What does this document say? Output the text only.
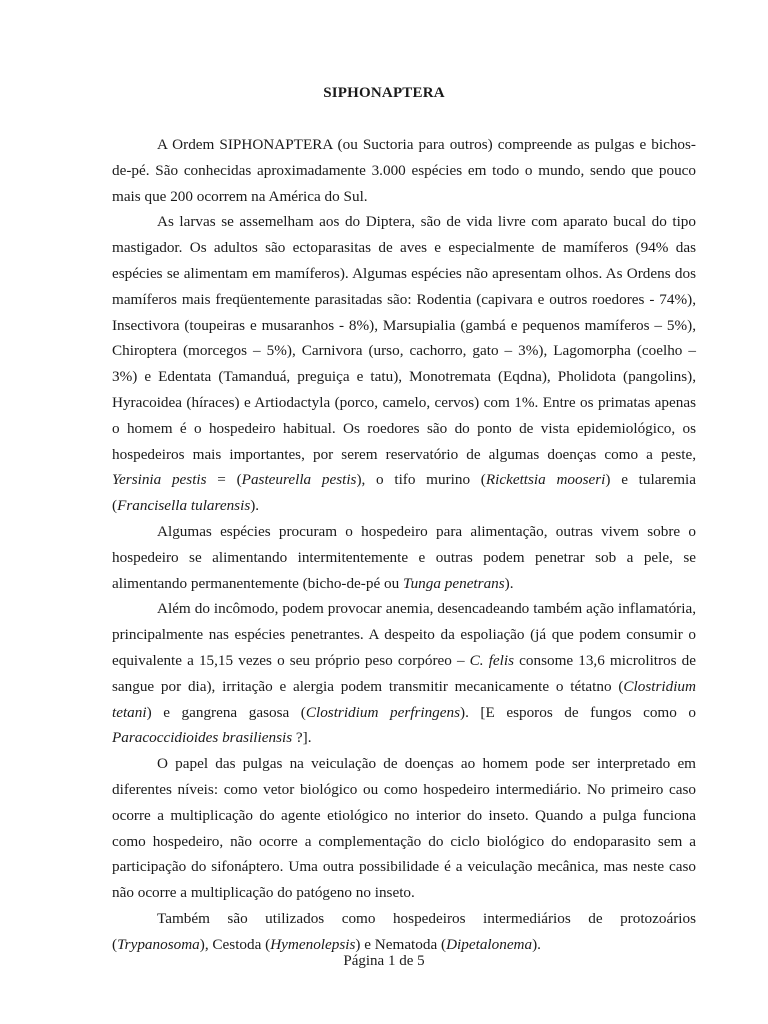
SIPHONAPTERA

A Ordem SIPHONAPTERA (ou Suctoria para outros) compreende as pulgas e bichos-de-pé. São conhecidas aproximadamente 3.000 espécies em todo o mundo, sendo que pouco mais que 200 ocorrem na América do Sul.

As larvas se assemelham aos do Diptera, são de vida livre com aparato bucal do tipo mastigador. Os adultos são ectoparasitas de aves e especialmente de mamíferos (94% das espécies se alimentam em mamíferos). Algumas espécies não apresentam olhos. As Ordens dos mamíferos mais freqüentemente parasitadas são: Rodentia (capivara e outros roedores - 74%), Insectivora (toupeiras e musaranhos - 8%), Marsupialia (gambá e pequenos mamíferos – 5%), Chiroptera (morcegos – 5%), Carnivora (urso, cachorro, gato – 3%), Lagomorpha (coelho – 3%) e Edentata (Tamanduá, preguiça e tatu), Monotremata (Eqdna), Pholidota (pangolins), Hyracoidea (híraces) e Artiodactyla (porco, camelo, cervos) com 1%. Entre os primatas apenas o homem é o hospedeiro habitual. Os roedores são do ponto de vista epidemiológico, os hospedeiros mais importantes, por serem reservatório de algumas doenças como a peste, Yersinia pestis = (Pasteurella pestis), o tifo murino (Rickettsia mooseri) e tularemia (Francisella tularensis).

Algumas espécies procuram o hospedeiro para alimentação, outras vivem sobre o hospedeiro se alimentando intermitentemente e outras podem penetrar sob a pele, se alimentando permanentemente (bicho-de-pé ou Tunga penetrans).

Além do incômodo, podem provocar anemia, desencadeando também ação inflamatória, principalmente nas espécies penetrantes. A despeito da espoliação (já que podem consumir o equivalente a 15,15 vezes o seu próprio peso corpóreo – C. felis consome 13,6 microlitros de sangue por dia), irritação e alergia podem transmitir mecanicamente o tétatno (Clostridium tetani) e gangrena gasosa (Clostridium perfringens). [E esporos de fungos como o Paracoccidioides brasiliensis ?].

O papel das pulgas na veiculação de doenças ao homem pode ser interpretado em diferentes níveis: como vetor biológico ou como hospedeiro intermediário. No primeiro caso ocorre a multiplicação do agente etiológico no interior do inseto. Quando a pulga funciona como hospedeiro, não ocorre a complementação do ciclo biológico do endoparasito sem a participação do sifonáptero. Uma outra possibilidade é a veiculação mecânica, mas neste caso não ocorre a multiplicação do patógeno no inseto.

Também são utilizados como hospedeiros intermediários de protozoários (Trypanosoma), Cestoda (Hymenolepsis) e Nematoda (Dipetalonema).

Página 1 de 5
